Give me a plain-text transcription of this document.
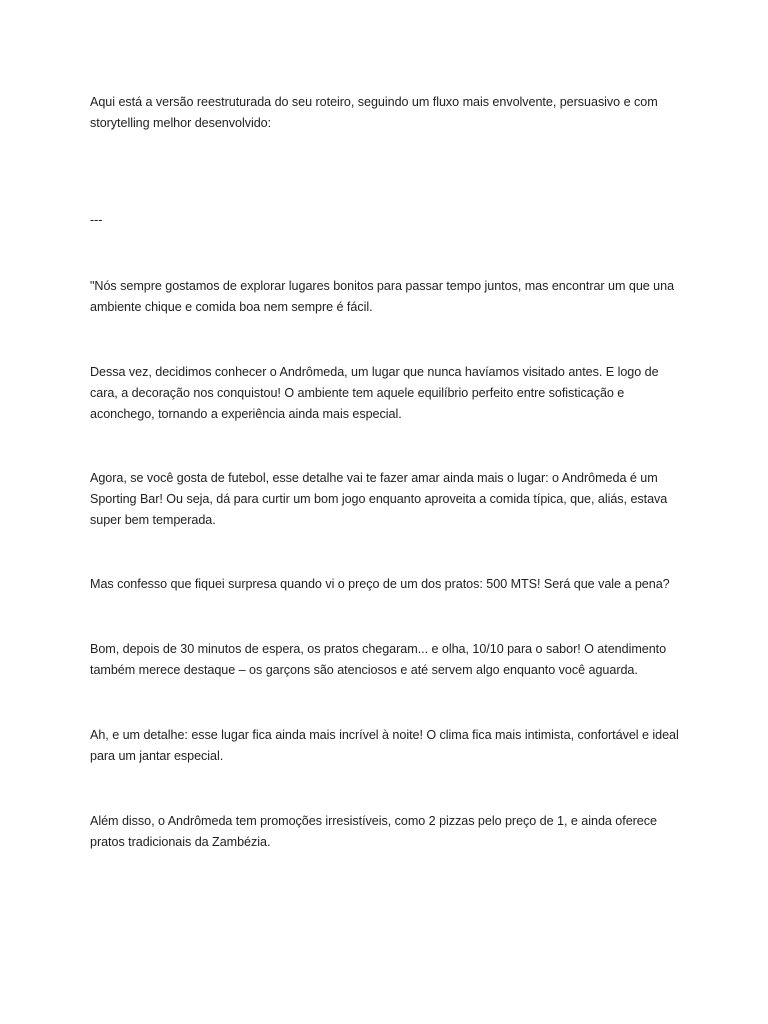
Aqui está a versão reestruturada do seu roteiro, seguindo um fluxo mais envolvente, persuasivo e com storytelling melhor desenvolvido:

---

"Nós sempre gostamos de explorar lugares bonitos para passar tempo juntos, mas encontrar um que una ambiente chique e comida boa nem sempre é fácil.

Dessa vez, decidimos conhecer o Andrômeda, um lugar que nunca havíamos visitado antes. E logo de cara, a decoração nos conquistou! O ambiente tem aquele equilíbrio perfeito entre sofisticação e aconchego, tornando a experiência ainda mais especial.

Agora, se você gosta de futebol, esse detalhe vai te fazer amar ainda mais o lugar: o Andrômeda é um Sporting Bar! Ou seja, dá para curtir um bom jogo enquanto aproveita a comida típica, que, aliás, estava super bem temperada.

Mas confesso que fiquei surpresa quando vi o preço de um dos pratos: 500 MTS! Será que vale a pena?

Bom, depois de 30 minutos de espera, os pratos chegaram... e olha, 10/10 para o sabor! O atendimento também merece destaque – os garçons são atenciosos e até servem algo enquanto você aguarda.

Ah, e um detalhe: esse lugar fica ainda mais incrível à noite! O clima fica mais intimista, confortável e ideal para um jantar especial.

Além disso, o Andrômeda tem promoções irresistíveis, como 2 pizzas pelo preço de 1, e ainda oferece pratos tradicionais da Zambézia.
